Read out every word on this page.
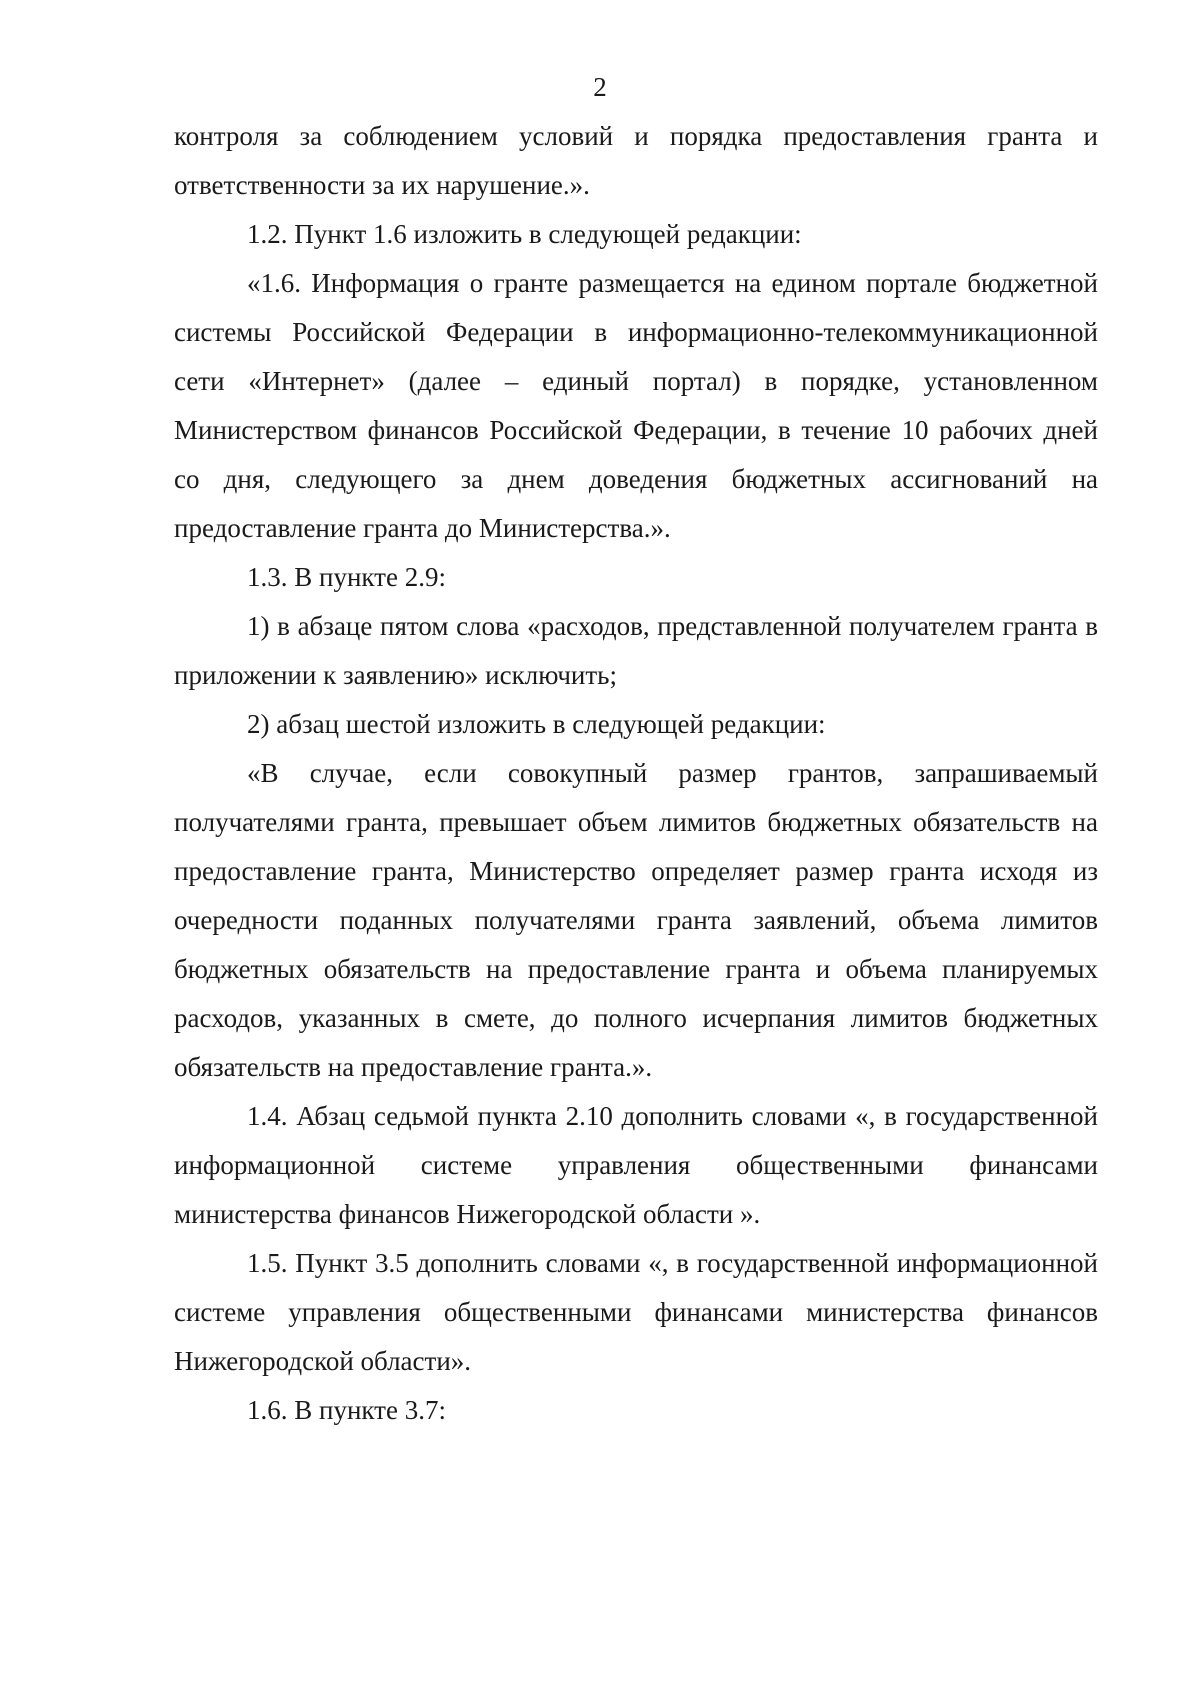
2

контроля за соблюдением условий и порядка предоставления гранта и ответственности за их нарушение.».

1.2. Пункт 1.6 изложить в следующей редакции:

«1.6. Информация о гранте размещается на едином портале бюджетной системы Российской Федерации в информационно-телекоммуникационной сети «Интернет» (далее – единый портал) в порядке, установленном Министерством финансов Российской Федерации, в течение 10 рабочих дней со дня, следующего за днем доведения бюджетных ассигнований на предоставление гранта до Министерства.».

1.3. В пункте 2.9:

1) в абзаце пятом слова «расходов, представленной получателем гранта в приложении к заявлению» исключить;

2) абзац шестой изложить в следующей редакции:

«В случае, если совокупный размер грантов, запрашиваемый получателями гранта, превышает объем лимитов бюджетных обязательств на предоставление гранта, Министерство определяет размер гранта исходя из очередности поданных получателями гранта заявлений, объема лимитов бюджетных обязательств на предоставление гранта и объема планируемых расходов, указанных в смете, до полного исчерпания лимитов бюджетных обязательств на предоставление гранта.».

1.4. Абзац седьмой пункта 2.10 дополнить словами «, в государственной информационной системе управления общественными финансами министерства финансов Нижегородской области ».

1.5. Пункт 3.5 дополнить словами «, в государственной информационной системе управления общественными финансами министерства финансов Нижегородской области».

1.6. В пункте 3.7:
